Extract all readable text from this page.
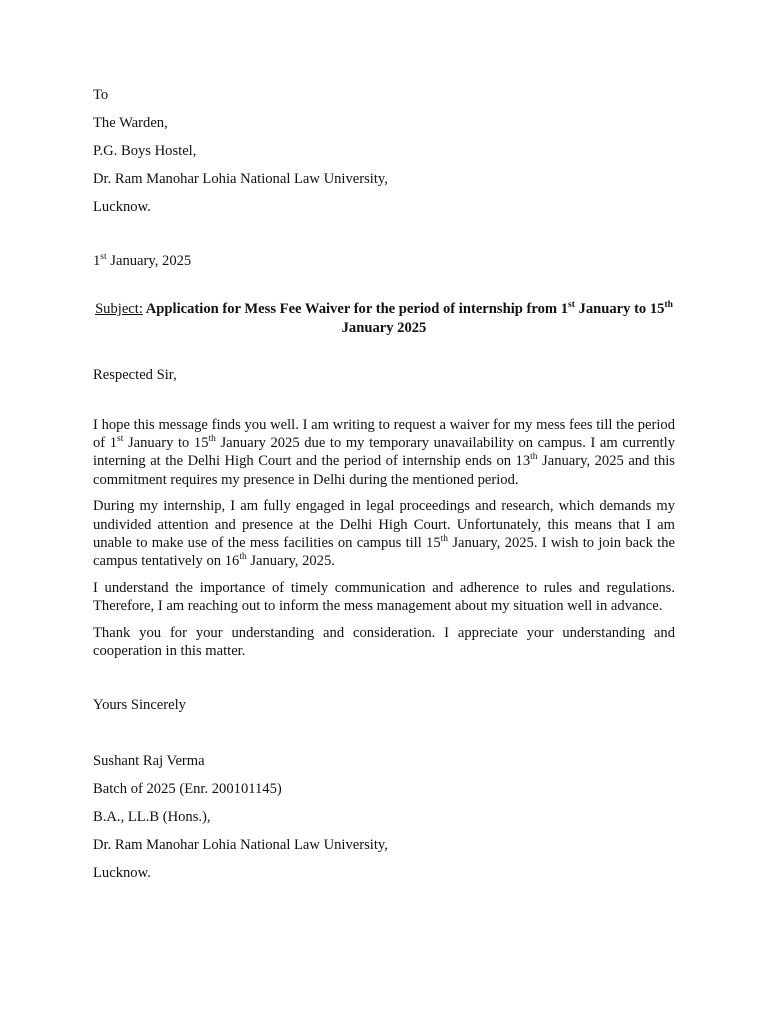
To
The Warden,
P.G. Boys Hostel,
Dr. Ram Manohar Lohia National Law University,
Lucknow.
1st January, 2025
Subject: Application for Mess Fee Waiver for the period of internship from 1st January to 15th January 2025
Respected Sir,

I hope this message finds you well. I am writing to request a waiver for my mess fees till the period of 1st January to 15th January 2025 due to my temporary unavailability on campus. I am currently interning at the Delhi High Court and the period of internship ends on 13th January, 2025 and this commitment requires my presence in Delhi during the mentioned period.

During my internship, I am fully engaged in legal proceedings and research, which demands my undivided attention and presence at the Delhi High Court. Unfortunately, this means that I am unable to make use of the mess facilities on campus till 15th January, 2025. I wish to join back the campus tentatively on 16th January, 2025.

I understand the importance of timely communication and adherence to rules and regulations. Therefore, I am reaching out to inform the mess management about my situation well in advance.

Thank you for your understanding and consideration. I appreciate your understanding and cooperation in this matter.

Yours Sincerely
Sushant Raj Verma
Batch of 2025 (Enr. 200101145)
B.A., LL.B (Hons.),
Dr. Ram Manohar Lohia National Law University,
Lucknow.
